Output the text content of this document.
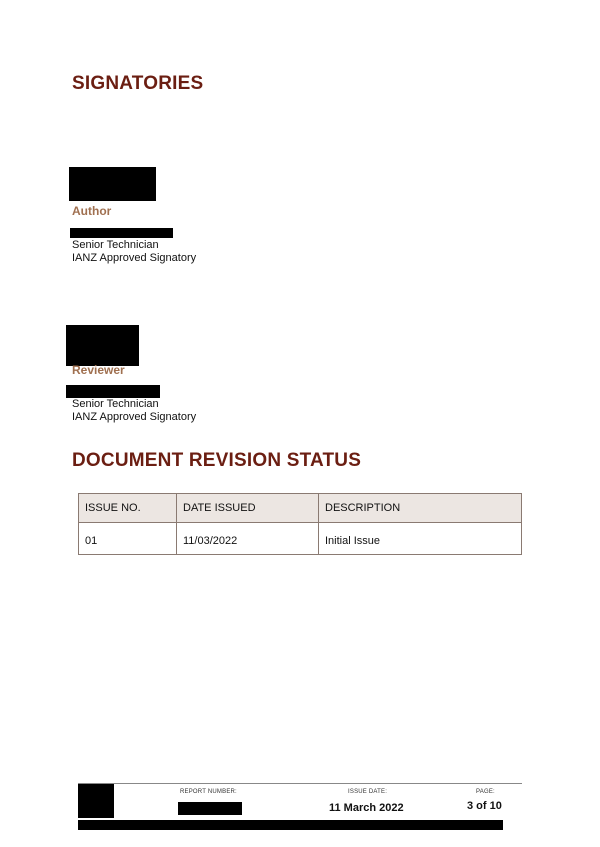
SIGNATORIES
Author
Senior Technician
IANZ Approved Signatory
Reviewer
Senior Technician
IANZ Approved Signatory
DOCUMENT REVISION STATUS
ISSUE NO.	DATE ISSUED	DESCRIPTION
01	11/03/2022	Initial Issue
REPORT NUMBER:	ISSUE DATE:
11 March 2022
PAGE:
3 of 10
